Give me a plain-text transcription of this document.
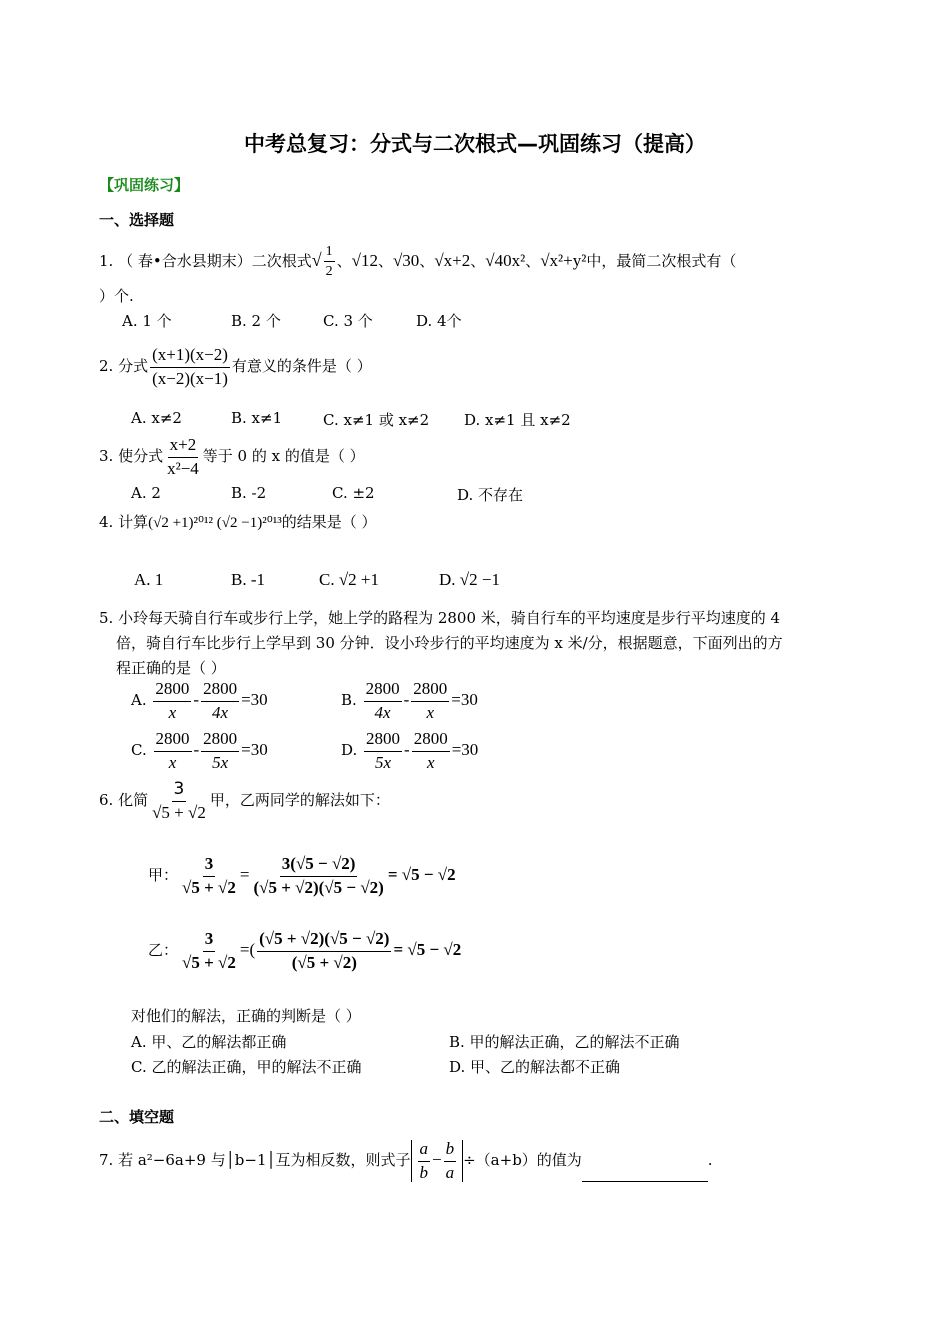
中考总复习：分式与二次根式—巩固练习（提高）
【巩固练习】
一、选择题
1. （ 春•合水县期末）二次根式√ $\frac{1}{2}$ 、√12、√30、√x+2、√40x²、√x²+y²中，最简二次根式有（
）个.
A. 1 个	B. 2 个	C. 3 个	D. 4个
2. 分式 $\frac{(x+1)(x-2)}{(x-2)(x-1)}$ 有意义的条件是（ ）
A. x≠2	B. x≠1	C. x≠1 或 x≠2 D. x≠1 且 x≠2
3. 使分式 $\frac{x+2}{\text{x²−4}}$ 等于 0 的 x 的值是（ ）
A. 2	B. -2	C. ±2	D. 不存在
4. 计算(√2 +1)²⁰¹² (√2 −1)²⁰¹³的结果是（ ）
A. 1	B. -1	C. √2 +1	D. √2 −1
5. 小玲每天骑自行车或步行上学，她上学的路程为 2800 米，骑自行车的平均速度是步行平均速度的 4
倍，骑自行车比步行上学早到 30 分钟．设小玲步行的平均速度为 x 米/分，根据题意，下面列出的方
程正确的是（ ）
A. $\frac{2800}{x} - \frac{2800}{4x} =30$	B. $\frac{2800}{4x} - \frac{2800}{x} =30$
C. $\frac{2800}{x} - \frac{2800}{5x} =30$	D. $\frac{2800}{5x} - \frac{2800}{x} =30$
6. 化简 $\frac{3}{√5 + √2}$ 甲，乙两同学的解法如下：
甲： $\frac{3}{√5 + √2} = \frac{3(√5 - √2)}{(√5 + √2)(√5 - √2)} = √5 - √2$
乙： $\frac{3}{√5 + √2}$ =( $\frac{(√5 + √2)(√5 - √2)}{(√5 + √2)} = √5 - √2$
对他们的解法，正确的判断是（ ）
A. 甲、乙的解法都正确	B. 甲的解法正确，乙的解法不正确
C. 乙的解法正确，甲的解法不正确	D. 甲、乙的解法都不正确
二、填空题
7. 若 a²−6a+9 与│b−1│互为相反数，则式子 $\frac{a}{b} - \frac{b}{a} \div(a+b)$的值为	.
